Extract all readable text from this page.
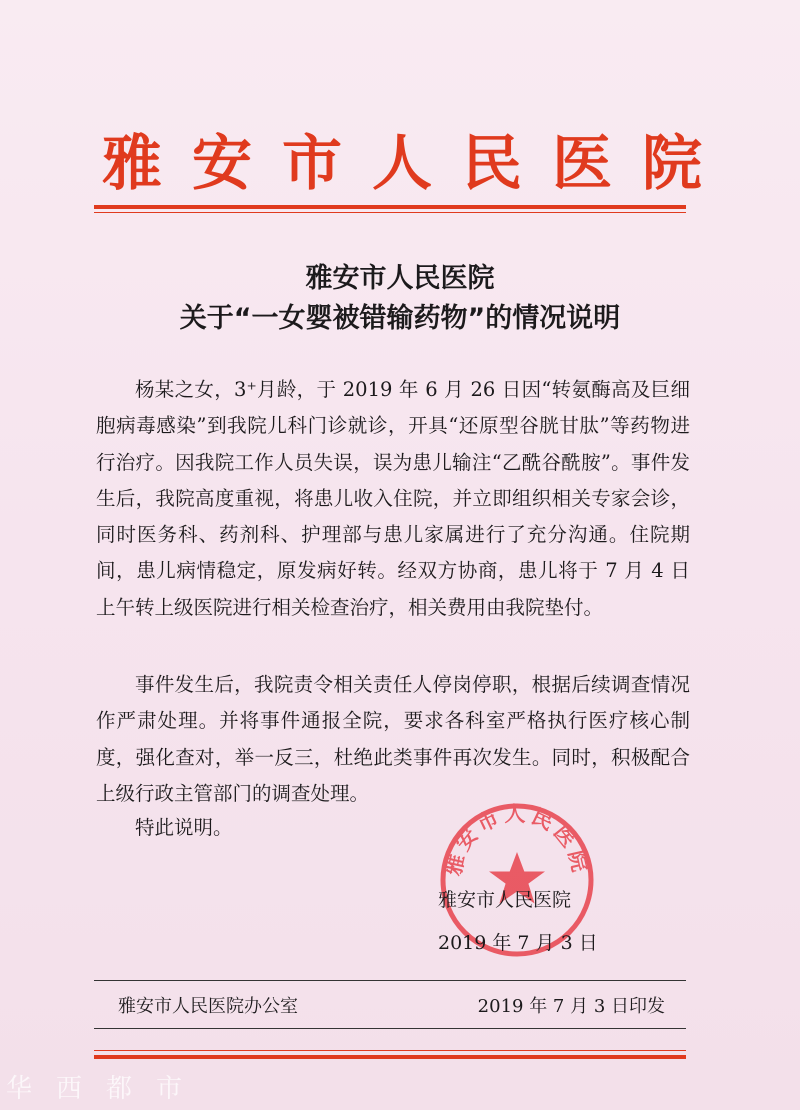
雅安市人民医院
雅安市人民医院
关于“一女婴被错输药物”的情况说明

杨某之女，3⁺月龄，于 2019 年 6 月 26 日因“转氨酶高及巨细胞病毒感染”到我院儿科门诊就诊，开具“还原型谷胱甘肽”等药物进行治疗。因我院工作人员失误，误为患儿输注“乙酰谷酰胺”。事件发生后，我院高度重视，将患儿收入住院，并立即组织相关专家会诊，同时医务科、药剂科、护理部与患儿家属进行了充分沟通。住院期间，患儿病情稳定，原发病好转。经双方协商，患儿将于 7 月 4 日上午转上级医院进行相关检查治疗，相关费用由我院垫付。

事件发生后，我院责令相关责任人停岗停职，根据后续调查情况作严肃处理。并将事件通报全院，要求各科室严格执行医疗核心制度，强化查对，举一反三，杜绝此类事件再次发生。同时，积极配合上级行政主管部门的调查处理。

特此说明。

雅安市人民医院
雅安市人民医院
2019 年 7 月 3 日
雅安市人民医院办公室	2019 年 7 月 3 日印发
华西都市
